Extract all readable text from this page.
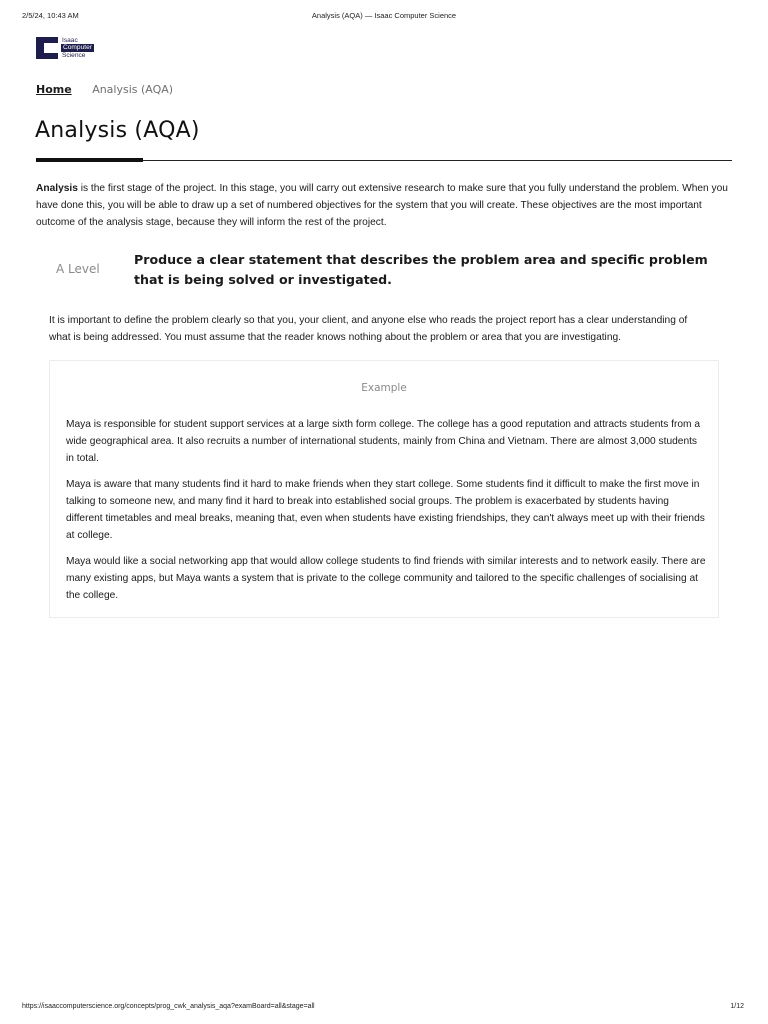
2/5/24, 10:43 AM	Analysis (AQA) — Isaac Computer Science
Isaac
Computer
Science
Home Analysis (AQA)
Analysis (AQA)

Analysis is the first stage of the project. In this stage, you will carry out extensive research to make sure that you fully understand the problem. When you have done this, you will be able to draw up a set of numbered objectives for the system that you will create. These objectives are the most important outcome of the analysis stage, because they will inform the rest of the project.

A Level
Produce a clear statement that describes the problem area and specific problem that is being solved or investigated.

It is important to define the problem clearly so that you, your client, and anyone else who reads the project report has a clear understanding of what is being addressed. You must assume that the reader knows nothing about the problem or area that you are investigating.

Example

Maya is responsible for student support services at a large sixth form college. The college has a good reputation and attracts students from a wide geographical area. It also recruits a number of international students, mainly from China and Vietnam. There are almost 3,000 students in total.

Maya is aware that many students find it hard to make friends when they start college. Some students find it difficult to make the first move in talking to someone new, and many find it hard to break into established social groups. The problem is exacerbated by students having different timetables and meal breaks, meaning that, even when students have existing friendships, they can't always meet up with their friends at college.

Maya would like a social networking app that would allow college students to find friends with similar interests and to network easily. There are many existing apps, but Maya wants a system that is private to the college community and tailored to the specific challenges of socialising at the college.

https://isaaccomputerscience.org/concepts/prog_cwk_analysis_aqa?examBoard=all&stage=all	1/12
